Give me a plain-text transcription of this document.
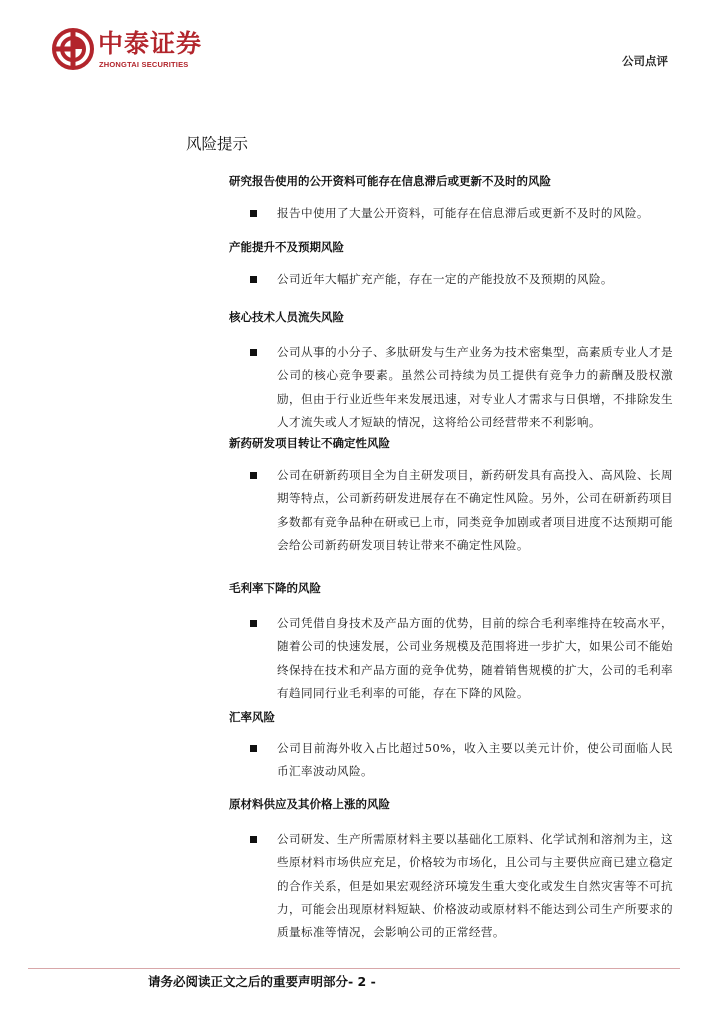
中泰证券
ZHONGTAI SECURITIES	公司点评
风险提示
研究报告使用的公开资料可能存在信息滞后或更新不及时的风险
报告中使用了大量公开资料，可能存在信息滞后或更新不及时的风险。
产能提升不及预期风险
公司近年大幅扩充产能，存在一定的产能投放不及预期的风险。
核心技术人员流失风险
公司从事的小分子、多肽研发与生产业务为技术密集型，高素质专业人才是公司的核心竞争要素。虽然公司持续为员工提供有竞争力的薪酬及股权激励，但由于行业近些年来发展迅速，对专业人才需求与日俱增，不排除发生人才流失或人才短缺的情况，这将给公司经营带来不利影响。
新药研发项目转让不确定性风险
公司在研新药项目全为自主研发项目，新药研发具有高投入、高风险、长周期等特点，公司新药研发进展存在不确定性风险。另外，公司在研新药项目多数都有竞争品种在研或已上市，同类竞争加剧或者项目进度不达预期可能会给公司新药研发项目转让带来不确定性风险。
毛利率下降的风险
公司凭借自身技术及产品方面的优势，目前的综合毛利率维持在较高水平，随着公司的快速发展，公司业务规模及范围将进一步扩大，如果公司不能始终保持在技术和产品方面的竞争优势，随着销售规模的扩大，公司的毛利率有趋同同行业毛利率的可能，存在下降的风险。
汇率风险
公司目前海外收入占比超过50%，收入主要以美元计价，使公司面临人民币汇率波动风险。
原材料供应及其价格上涨的风险
公司研发、生产所需原材料主要以基础化工原料、化学试剂和溶剂为主，这些原材料市场供应充足，价格较为市场化，且公司与主要供应商已建立稳定的合作关系，但是如果宏观经济环境发生重大变化或发生自然灾害等不可抗力，可能会出现原材料短缺、价格波动或原材料不能达到公司生产所要求的质量标准等情况，会影响公司的正常经营。
请务必阅读正文之后的重要声明部分- 2 -
